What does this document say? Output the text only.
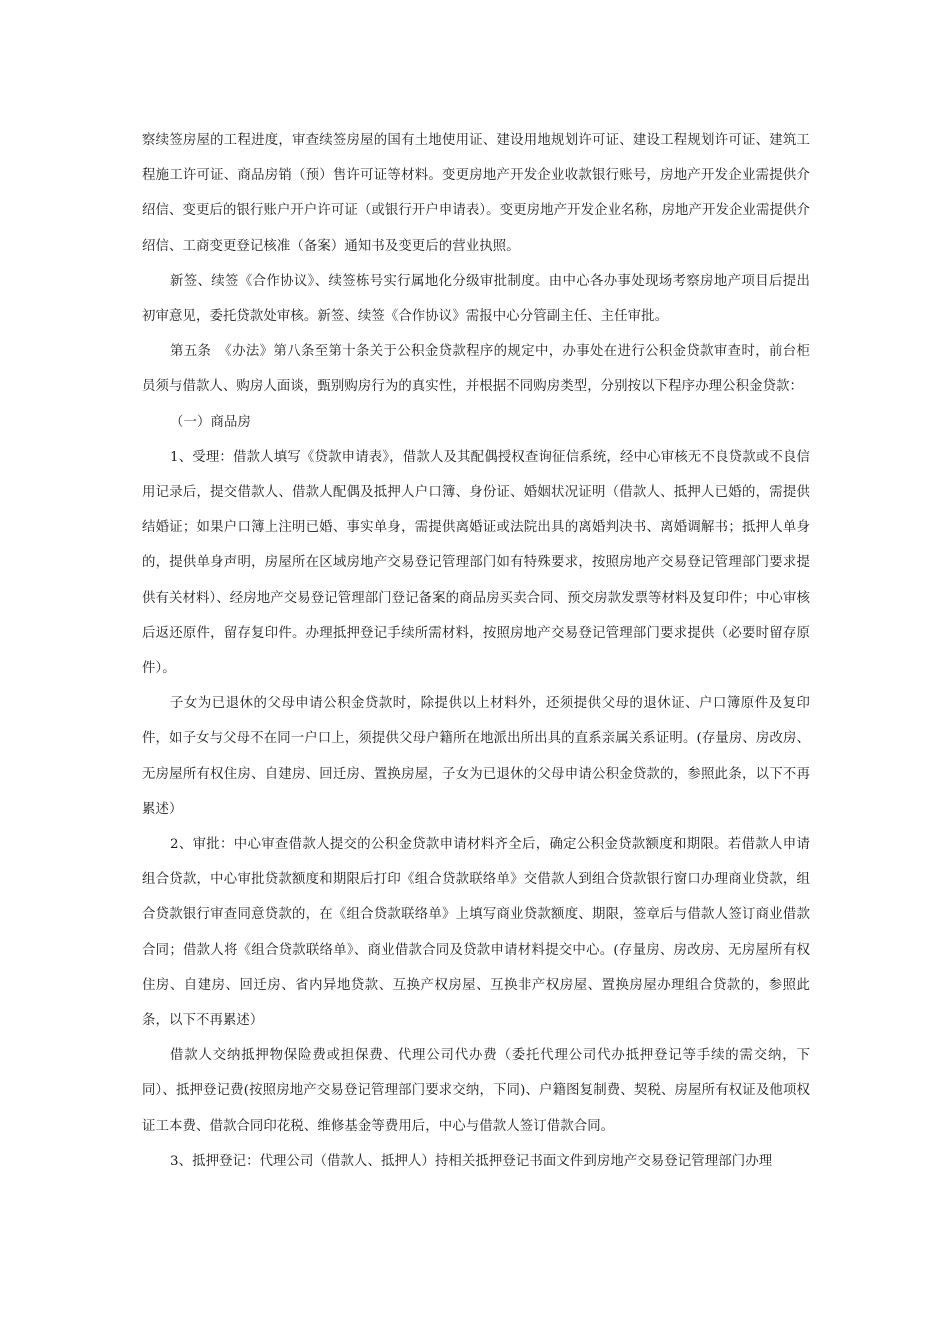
察续签房屋的工程进度，审查续签房屋的国有土地使用证、建设用地规划许可证、建设工程规划许可证、建筑工程施工许可证、商品房销（预）售许可证等材料。变更房地产开发企业收款银行账号，房地产开发企业需提供介绍信、变更后的银行账户开户许可证（或银行开户申请表）。变更房地产开发企业名称，房地产开发企业需提供介绍信、工商变更登记核准（备案）通知书及变更后的营业执照。

新签、续签《合作协议》、续签栋号实行属地化分级审批制度。由中心各办事处现场考察房地产项目后提出初审意见，委托贷款处审核。新签、续签《合作协议》需报中心分管副主任、主任审批。

第五条　《办法》第八条至第十条关于公积金贷款程序的规定中，办事处在进行公积金贷款审查时，前台柜员须与借款人、购房人面谈，甄别购房行为的真实性，并根据不同购房类型，分别按以下程序办理公积金贷款：

（一）商品房

1、受理：借款人填写《贷款申请表》，借款人及其配偶授权查询征信系统，经中心审核无不良贷款或不良信用记录后，提交借款人、借款人配偶及抵押人户口簿、身份证、婚姻状况证明（借款人、抵押人已婚的，需提供结婚证；如果户口簿上注明已婚、事实单身，需提供离婚证或法院出具的离婚判决书、离婚调解书；抵押人单身的，提供单身声明，房屋所在区域房地产交易登记管理部门如有特殊要求，按照房地产交易登记管理部门要求提供有关材料）、经房地产交易登记管理部门登记备案的商品房买卖合同、预交房款发票等材料及复印件；中心审核后返还原件，留存复印件。办理抵押登记手续所需材料，按照房地产交易登记管理部门要求提供（必要时留存原件）。

子女为已退休的父母申请公积金贷款时，除提供以上材料外，还须提供父母的退休证、户口簿原件及复印件，如子女与父母不在同一户口上，须提供父母户籍所在地派出所出具的直系亲属关系证明。(存量房、房改房、无房屋所有权住房、自建房、回迁房、置换房屋，子女为已退休的父母申请公积金贷款的，参照此条，以下不再累述）

2、审批：中心审查借款人提交的公积金贷款申请材料齐全后，确定公积金贷款额度和期限。若借款人申请组合贷款，中心审批贷款额度和期限后打印《组合贷款联络单》交借款人到组合贷款银行窗口办理商业贷款，组合贷款银行审查同意贷款的，在《组合贷款联络单》上填写商业贷款额度、期限，签章后与借款人签订商业借款合同；借款人将《组合贷款联络单》、商业借款合同及贷款申请材料提交中心。(存量房、房改房、无房屋所有权住房、自建房、回迁房、省内异地贷款、互换产权房屋、互换非产权房屋、置换房屋办理组合贷款的，参照此条，以下不再累述）

借款人交纳抵押物保险费或担保费、代理公司代办费（委托代理公司代办抵押登记等手续的需交纳，下同）、抵押登记费(按照房地产交易登记管理部门要求交纳，下同)、户籍图复制费、契税、房屋所有权证及他项权证工本费、借款合同印花税、维修基金等费用后，中心与借款人签订借款合同。

3、抵押登记：代理公司（借款人、抵押人）持相关抵押登记书面文件到房地产交易登记管理部门办理
